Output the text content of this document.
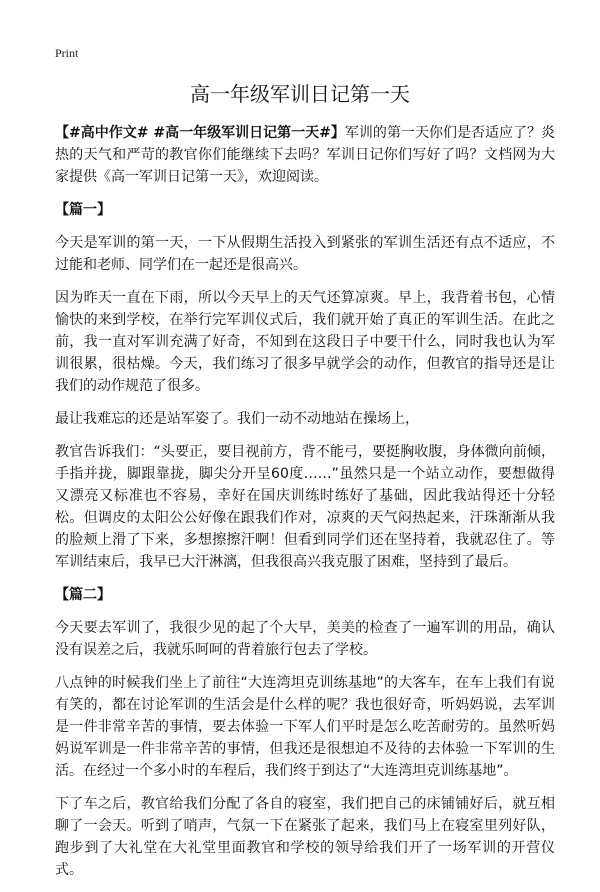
Print
高一年级军训日记第一天

【#高中作文# #高一年级军训日记第一天#】军训的第一天你们是否适应了？炎热的天气和严苛的教官你们能继续下去吗？军训日记你们写好了吗？文档网为大家提供《高一军训日记第一天》，欢迎阅读。

【篇一】

今天是军训的第一天，一下从假期生活投入到紧张的军训生活还有点不适应，不过能和老师、同学们在一起还是很高兴。

因为昨天一直在下雨，所以今天早上的天气还算凉爽。早上，我背着书包，心情愉快的来到学校，在举行完军训仪式后，我们就开始了真正的军训生活。在此之前，我一直对军训充满了好奇，不知到在这段日子中要干什么，同时我也认为军训很累，很枯燥。今天，我们练习了很多早就学会的动作，但教官的指导还是让我们的动作规范了很多。

最让我难忘的还是站军姿了。我们一动不动地站在操场上，

教官告诉我们：“头要正，要目视前方，背不能弓，要挺胸收腹，身体微向前倾，手指并拢，脚跟靠拢，脚尖分开呈60度……”虽然只是一个站立动作，要想做得又漂亮又标准也不容易，幸好在国庆训练时练好了基础，因此我站得还十分轻松。但调皮的太阳公公好像在跟我们作对，凉爽的天气闷热起来，汗珠渐渐从我的脸颊上滑了下来，多想擦擦汗啊！但看到同学们还在坚持着，我就忍住了。等军训结束后，我早已大汗淋漓，但我很高兴我克服了困难，坚持到了最后。

【篇二】

今天要去军训了，我很少见的起了个大早，美美的检查了一遍军训的用品，确认没有误差之后，我就乐呵呵的背着旅行包去了学校。

八点钟的时候我们坐上了前往“大连湾坦克训练基地”的大客车，在车上我们有说有笑的，都在讨论军训的生活会是什么样的呢？我也很好奇，听妈妈说，去军训是一件非常辛苦的事情，要去体验一下军人们平时是怎么吃苦耐劳的。虽然听妈妈说军训是一件非常辛苦的事情，但我还是很想迫不及待的去体验一下军训的生活。在经过一个多小时的车程后，我们终于到达了“大连湾坦克训练基地”。

下了车之后，教官给我们分配了各自的寝室，我们把自己的床铺铺好后，就互相聊了一会天。听到了哨声，气氛一下在紧张了起来，我们马上在寝室里列好队，跑步到了大礼堂在大礼堂里面教官和学校的领导给我们开了一场军训的开营仪式。
